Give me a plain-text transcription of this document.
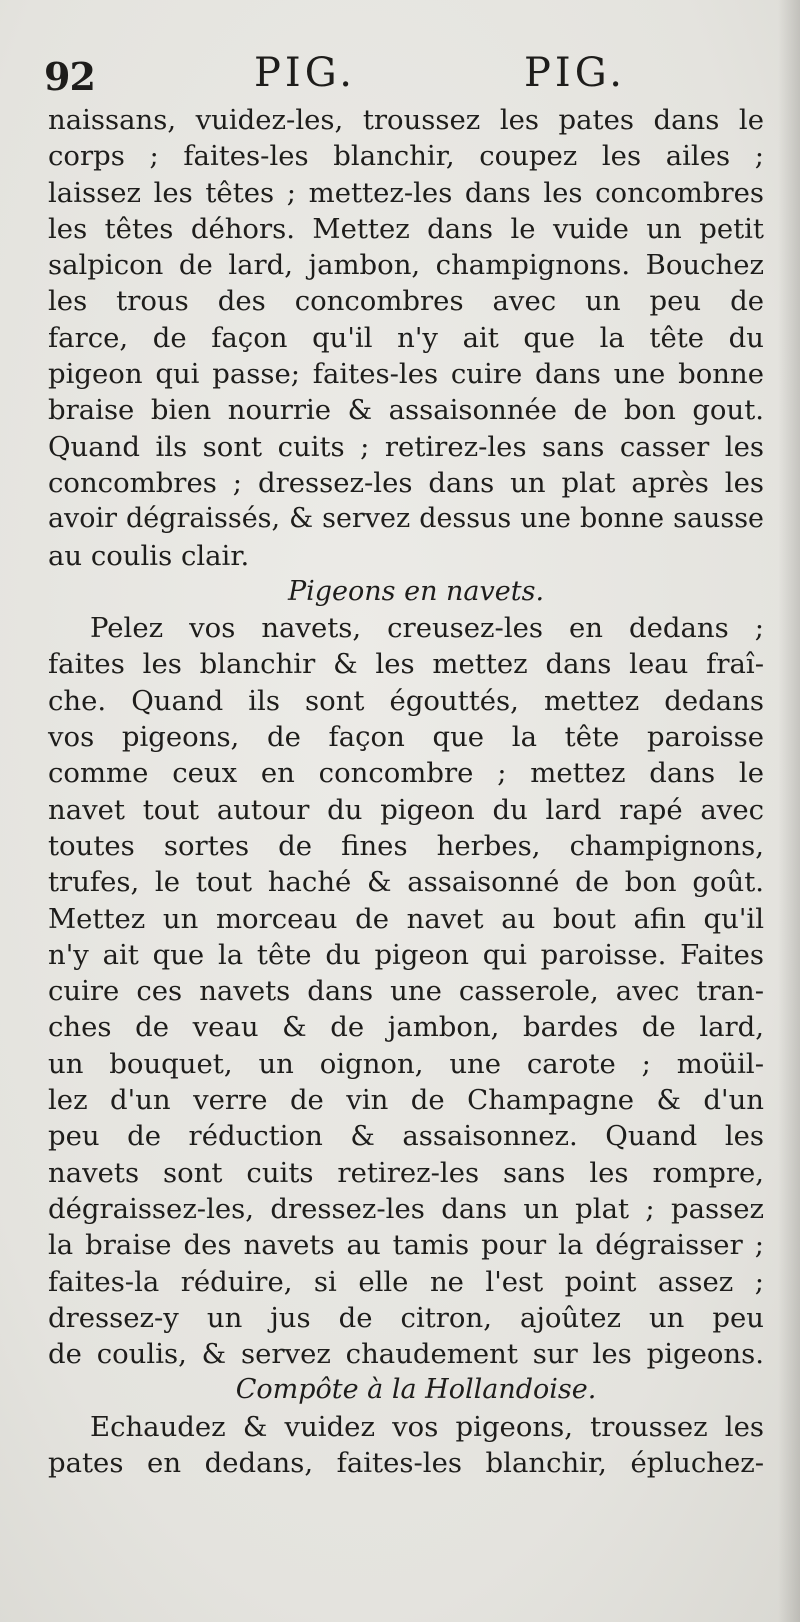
92	PIG.	PIG.
naissans, vuidez-les, troussez les pates dans le
corps ; faites-les blanchir, coupez les ailes ;
laissez les têtes ; mettez-les dans les concombres
les têtes déhors. Mettez dans le vuide un petit
salpicon de lard, jambon, champignons. Bouchez
les trous des concombres avec un peu de
farce, de façon qu'il n'y ait que la tête du
pigeon qui passe; faites-les cuire dans une bonne
braise bien nourrie & assaisonnée de bon gout.
Quand ils sont cuits ; retirez-les sans casser les
concombres ; dressez-les dans un plat après les
avoir dégraissés, & servez dessus une bonne sausse
au coulis clair.
Pigeons en navets.
Pelez vos navets, creusez-les en dedans ;
faites les blanchir & les mettez dans leau fraî-
che. Quand ils sont égouttés, mettez dedans
vos pigeons, de façon que la tête paroisse
comme ceux en concombre ; mettez dans le
navet tout autour du pigeon du lard rapé avec
toutes sortes de fines herbes, champignons,
trufes, le tout haché & assaisonné de bon goût.
Mettez un morceau de navet au bout afin qu'il
n'y ait que la tête du pigeon qui paroisse. Faites
cuire ces navets dans une casserole, avec tran-
ches de veau & de jambon, bardes de lard,
un bouquet, un oignon, une carote ; moüil-
lez d'un verre de vin de Champagne & d'un
peu de réduction & assaisonnez. Quand les
navets sont cuits retirez-les sans les rompre,
dégraissez-les, dressez-les dans un plat ; passez
la braise des navets au tamis pour la dégraisser ;
faites-la réduire, si elle ne l'est point assez ;
dressez-y un jus de citron, ajoûtez un peu
de coulis, & servez chaudement sur les pigeons.
Compôte à la Hollandoise.
Echaudez & vuidez vos pigeons, troussez les
pates en dedans, faites-les blanchir, épluchez-
